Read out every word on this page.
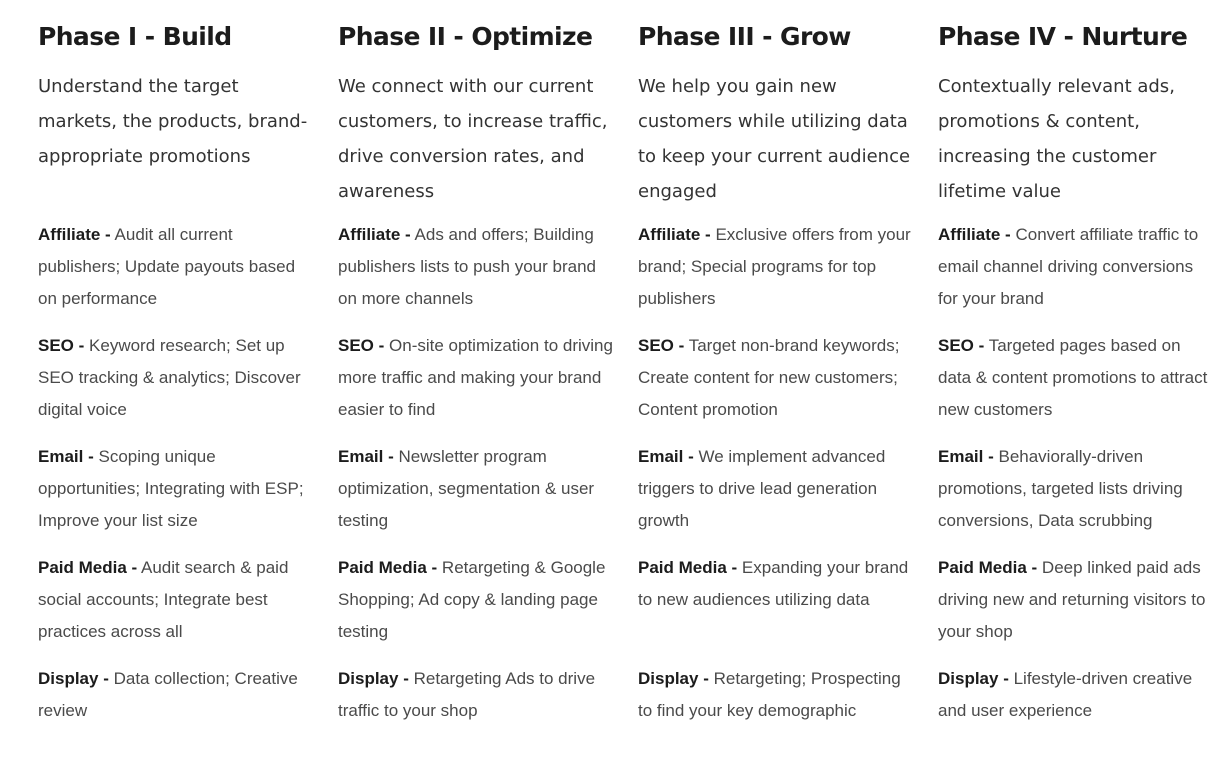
Phase I - Build

Understand the target markets, the products, brand-appropriate promotions

Affiliate - Audit all current publishers; Update payouts based on performance
SEO - Keyword research; Set up SEO tracking & analytics; Discover digital voice
Email - Scoping unique opportunities; Integrating with ESP; Improve your list size
Paid Media - Audit search & paid social accounts; Integrate best practices across all
Display - Data collection; Creative review
Phase II - Optimize

We connect with our current customers, to increase traffic, drive conversion rates, and awareness

Affiliate - Ads and offers; Building publishers lists to push your brand on more channels
SEO - On-site optimization to driving more traffic and making your brand easier to find
Email - Newsletter program optimization, segmentation & user testing
Paid Media - Retargeting & Google Shopping; Ad copy & landing page testing
Display - Retargeting Ads to drive traffic to your shop
Phase III - Grow

We help you gain new customers while utilizing data to keep your current audience engaged

Affiliate - Exclusive offers from your brand; Special programs for top publishers
SEO - Target non-brand keywords; Create content for new customers; Content promotion
Email - We implement advanced triggers to drive lead generation growth
Paid Media - Expanding your brand to new audiences utilizing data
Display - Retargeting; Prospecting to find your key demographic
Phase IV - Nurture

Contextually relevant ads, promotions & content, increasing the customer lifetime value

Affiliate - Convert affiliate traffic to email channel driving conversions for your brand
SEO - Targeted pages based on data & content promotions to attract new customers
Email - Behaviorally-driven promotions, targeted lists driving conversions, Data scrubbing
Paid Media - Deep linked paid ads driving new and returning visitors to your shop
Display - Lifestyle-driven creative and user experience
